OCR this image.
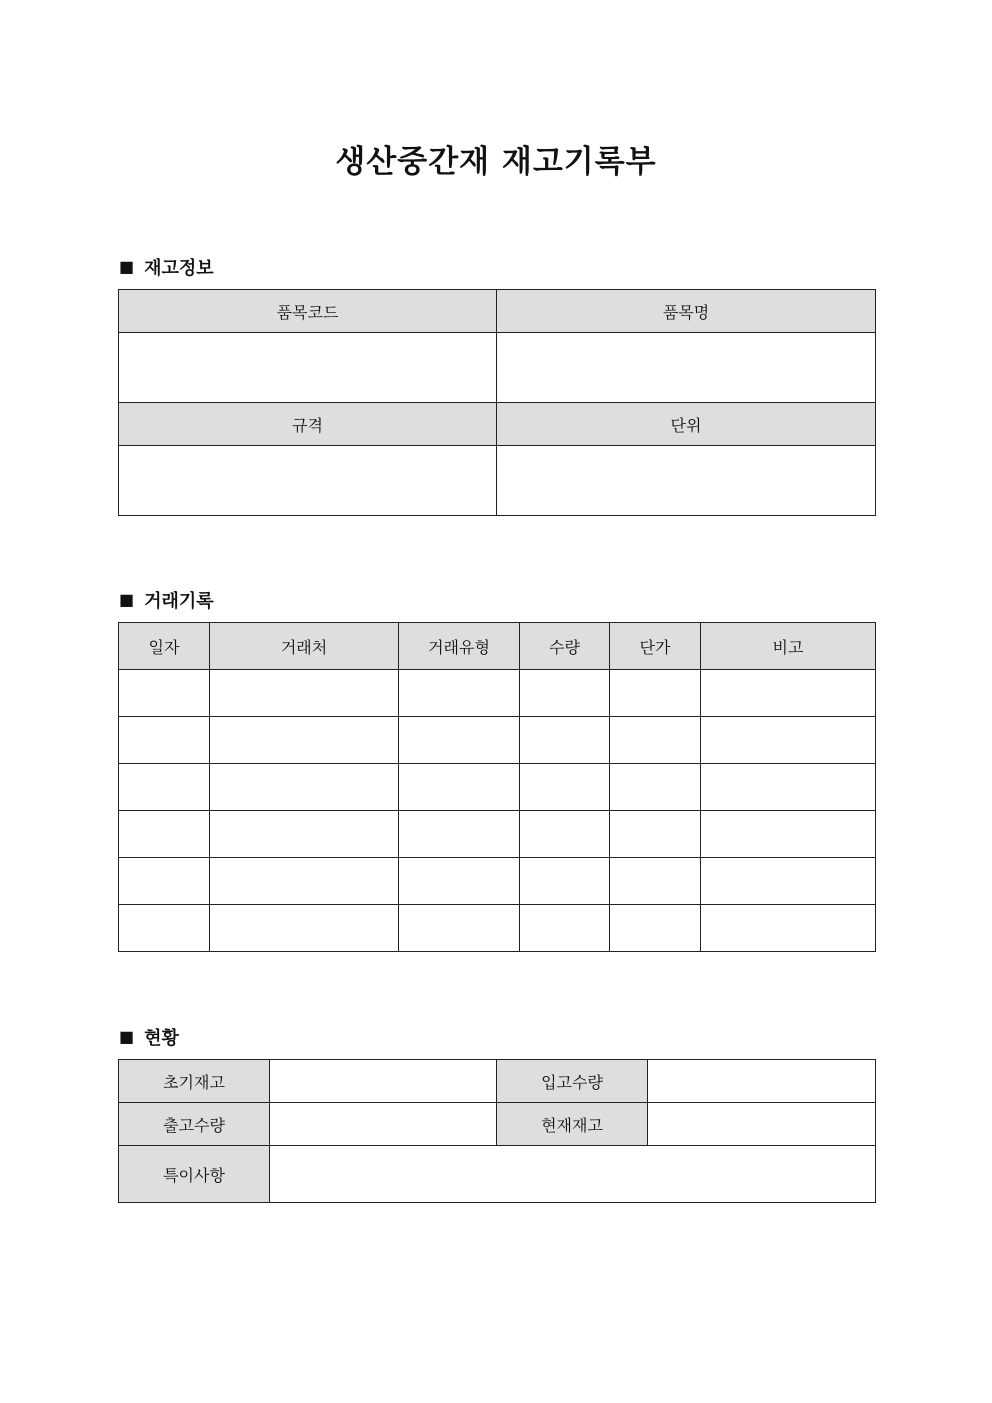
생산중간재 재고기록부
■ 재고정보
품목코드	품목명

규격	단위

■ 거래기록
일자	거래처	거래유형	수량	단가	비고

■ 현황
초기재고		입고수량	
출고수량		현재재고	
특이사항			
